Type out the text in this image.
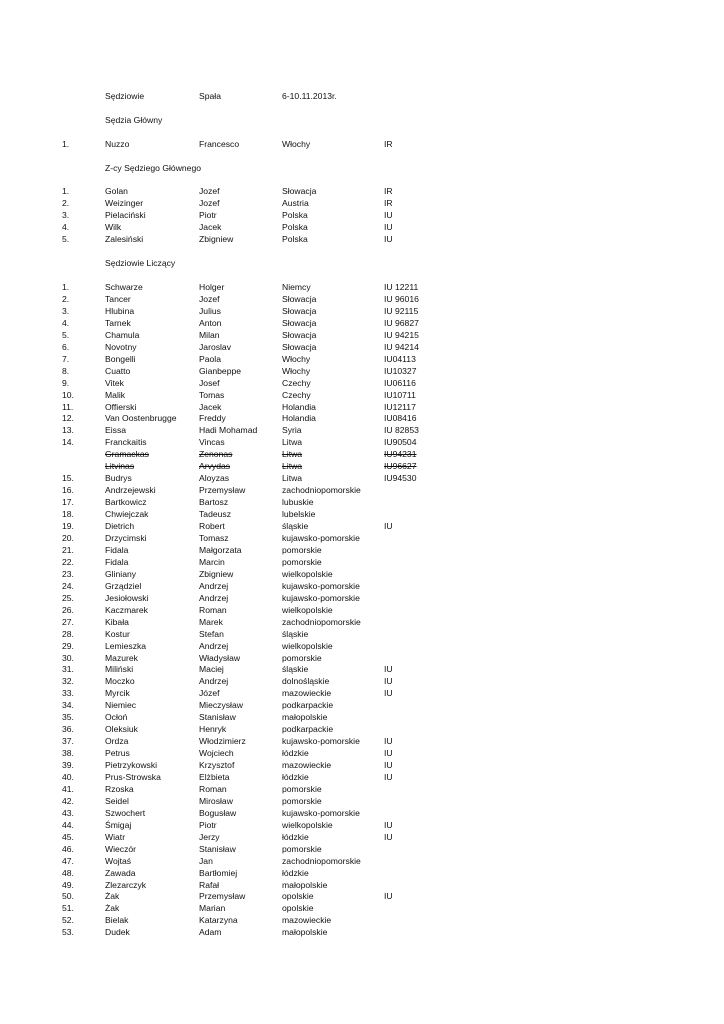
Sędziowie	Spała	6-10.11.2013r.
Sędzia Główny
1.	Nuzzo	Francesco	Włochy	IR
Z-cy Sędziego Głównego
1.	Golan	Jozef	Słowacja	IR
2.	Weizinger	Jozef	Austria	IR
3.	Pielaciński	Piotr	Polska	IU
4.	Wilk	Jacek	Polska	IU
5.	Zalesiński	Zbigniew	Polska	IU
Sędziowie Liczący
1.	Schwarze	Holger	Niemcy	IU 12211
2.	Tancer	Jozef	Słowacja	IU 96016
3.	Hlubina	Julius	Słowacja	IU 92115
4.	Tarnek	Anton	Słowacja	IU 96827
5.	Chamula	Milan	Słowacja	IU 94215
6.	Novotny	Jaroslav	Słowacja	IU 94214
7.	Bongelli	Paola	Włochy	IU04113
8.	Cuatto	Gianbeppe	Włochy	IU10327
9.	Vitek	Josef	Czechy	IU06116
10.	Malik	Tomas	Czechy	IU10711
11.	Offierski	Jacek	Holandia	IU12117
12.	Van Oostenbrugge	Freddy	Holandia	IU08416
13.	Eissa	Hadi Mohamad	Syria	IU 82853
14.	Franckaitis	Vincas	Litwa	IU90504
Gramackas	Zenonas	Litwa	IU94231
Litvinas	Arvydas	Litwa	IU96627
15.	Budrys	Aloyzas	Litwa	IU94530
16.	Andrzejewski	Przemysław	zachodniopomorskie
17.	Bartkowicz	Bartosz	lubuskie
18.	Chwiejczak	Tadeusz	lubelskie
19.	Dietrich	Robert	śląskie	IU
20.	Drzycimski	Tomasz	kujawsko-pomorskie
21.	Fidala	Małgorzata	pomorskie
22.	Fidala	Marcin	pomorskie
23.	Gliniany	Zbigniew	wielkopolskie
24.	Grządziel	Andrzej	kujawsko-pomorskie
25.	Jesiołowski	Andrzej	kujawsko-pomorskie
26.	Kaczmarek	Roman	wielkopolskie
27.	Kibała	Marek	zachodniopomorskie
28.	Kostur	Stefan	śląskie
29.	Lemieszka	Andrzej	wielkopolskie
30.	Mazurek	Władysław	pomorskie
31.	Miliński	Maciej	śląskie	IU
32.	Moczko	Andrzej	dolnośląskie	IU
33.	Myrcik	Józef	mazowieckie	IU
34.	Niemiec	Mieczysław	podkarpackie
35.	Ocłoń	Stanisław	małopolskie
36.	Oleksiuk	Henryk	podkarpackie
37.	Ordza	Włodzimierz	kujawsko-pomorskie	IU
38.	Petrus	Wojciech	łódzkie	IU
39.	Pietrzykowski	Krzysztof	mazowieckie	IU
40.	Prus-Strowska	Elżbieta	łódzkie	IU
41.	Rzoska	Roman	pomorskie
42.	Seidel	Mirosław	pomorskie
43.	Szwochert	Bogusław	kujawsko-pomorskie
44.	Śmigaj	Piotr	wielkopolskie	IU
45.	Wiatr	Jerzy	łódzkie	IU
46.	Wieczór	Stanisław	pomorskie
47.	Wojtaś	Jan	zachodniopomorskie
48.	Zawada	Bartłomiej	łódzkie
49.	Zlezarczyk	Rafał	małopolskie
50.	Żak	Przemysław	opolskie	IU
51.	Żak	Marian	opolskie
52.	Bielak	Katarzyna	mazowieckie
53.	Dudek	Adam	małopolskie
